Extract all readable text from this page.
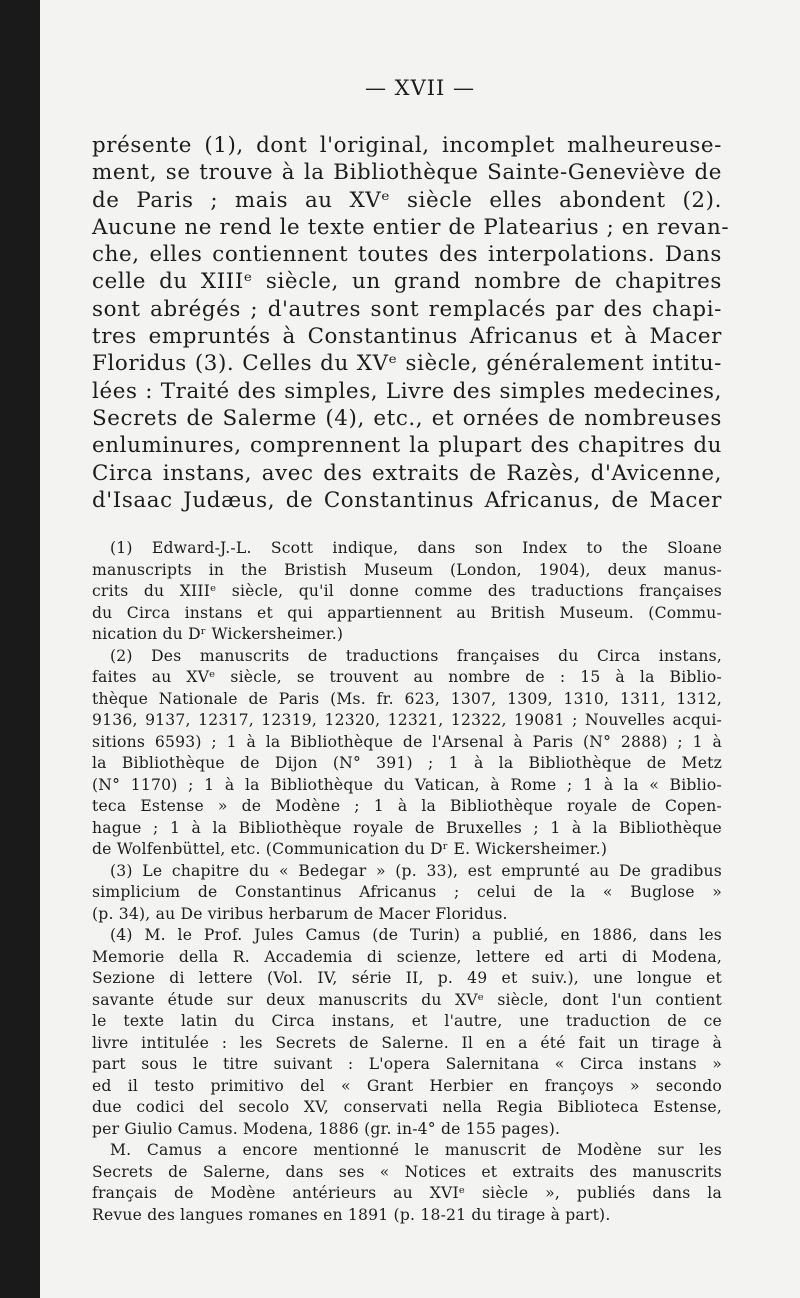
— XVII —
présente (1), dont l'original, incomplet malheureuse-
ment, se trouve à la Bibliothèque Sainte-Geneviève de
de Paris ; mais au XVᵉ siècle elles abondent (2).
Aucune ne rend le texte entier de Platearius ; en revan-
che, elles contiennent toutes des interpolations. Dans
celle du XIIIᵉ siècle, un grand nombre de chapitres
sont abrégés ; d'autres sont remplacés par des chapi-
tres empruntés à Constantinus Africanus et à Macer
Floridus (3). Celles du XVᵉ siècle, généralement intitu-
lées : Traité des simples, Livre des simples medecines,
Secrets de Salerme (4), etc., et ornées de nombreuses
enluminures, comprennent la plupart des chapitres du
Circa instans, avec des extraits de Razès, d'Avicenne,
d'Isaac Judæus, de Constantinus Africanus, de Macer
(1) Edward-J.-L. Scott indique, dans son Index to the Sloane
manuscripts in the Bristish Museum (London, 1904), deux manus-
crits du XIIIᵉ siècle, qu'il donne comme des traductions françaises
du Circa instans et qui appartiennent au British Museum. (Commu-
nication du Dʳ Wickersheimer.)
(2) Des manuscrits de traductions françaises du Circa instans,
faites au XVᵉ siècle, se trouvent au nombre de : 15 à la Biblio-
thèque Nationale de Paris (Ms. fr. 623, 1307, 1309, 1310, 1311, 1312,
9136, 9137, 12317, 12319, 12320, 12321, 12322, 19081 ; Nouvelles acqui-
sitions 6593) ; 1 à la Bibliothèque de l'Arsenal à Paris (N° 2888) ; 1 à
la Bibliothèque de Dijon (N° 391) ; 1 à la Bibliothèque de Metz
(N° 1170) ; 1 à la Bibliothèque du Vatican, à Rome ; 1 à la « Biblio-
teca Estense » de Modène ; 1 à la Bibliothèque royale de Copen-
hague ; 1 à la Bibliothèque royale de Bruxelles ; 1 à la Bibliothèque
de Wolfenbüttel, etc. (Communication du Dʳ E. Wickersheimer.)
(3) Le chapitre du « Bedegar » (p. 33), est emprunté au De gradibus
simplicium de Constantinus Africanus ; celui de la « Buglose »
(p. 34), au De viribus herbarum de Macer Floridus.
(4) M. le Prof. Jules Camus (de Turin) a publié, en 1886, dans les
Memorie della R. Accademia di scienze, lettere ed arti di Modena,
Sezione di lettere (Vol. IV, série II, p. 49 et suiv.), une longue et
savante étude sur deux manuscrits du XVᵉ siècle, dont l'un contient
le texte latin du Circa instans, et l'autre, une traduction de ce
livre intitulée : les Secrets de Salerne. Il en a été fait un tirage à
part sous le titre suivant : L'opera Salernitana « Circa instans »
ed il testo primitivo del « Grant Herbier en françoys » secondo
due codici del secolo XV, conservati nella Regia Biblioteca Estense,
per Giulio Camus. Modena, 1886 (gr. in-4° de 155 pages).
M. Camus a encore mentionné le manuscrit de Modène sur les
Secrets de Salerne, dans ses « Notices et extraits des manuscrits
français de Modène antérieurs au XVIᵉ siècle », publiés dans la
Revue des langues romanes en 1891 (p. 18-21 du tirage à part).
